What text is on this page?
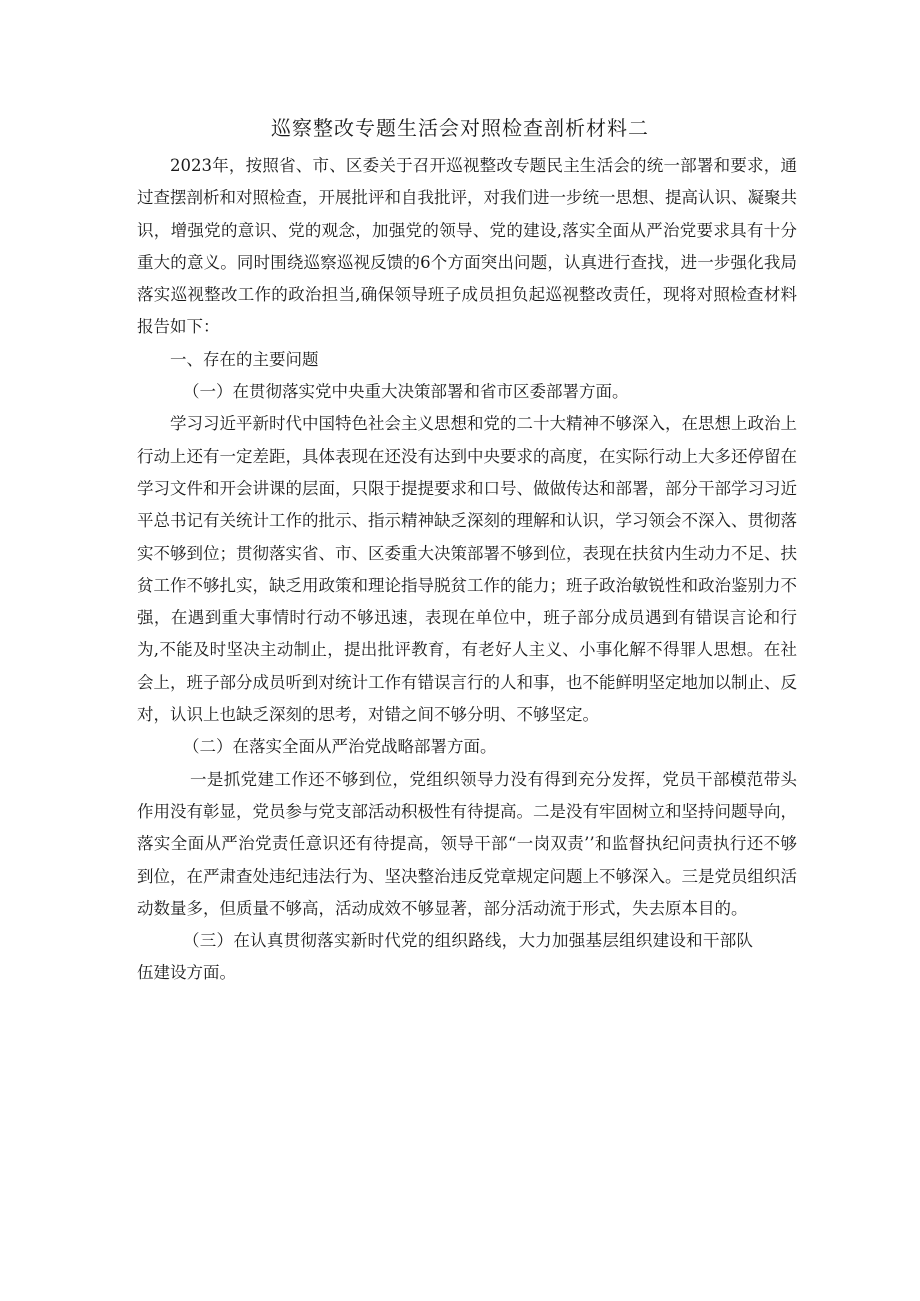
巡察整改专题生活会对照检查剖析材料二

2023年，按照省、市、区委关于召开巡视整改专题民主生活会的统一部署和要求，通过查摆剖析和对照检查，开展批评和自我批评，对我们进一步统一思想、提高认识、凝聚共识，增强党的意识、党的观念，加强党的领导、党的建设,落实全面从严治党要求具有十分重大的意义。同时围绕巡察巡视反馈的6个方面突出问题，认真进行查找，进一步强化我局落实巡视整改工作的政治担当,确保领导班子成员担负起巡视整改责任，现将对照检查材料报告如下：

一、存在的主要问题

（一）在贯彻落实党中央重大决策部署和省市区委部署方面。

学习习近平新时代中国特色社会主义思想和党的二十大精神不够深入，在思想上政治上行动上还有一定差距，具体表现在还没有达到中央要求的高度，在实际行动上大多还停留在学习文件和开会讲课的层面，只限于提提要求和口号、做做传达和部署，部分干部学习习近平总书记有关统计工作的批示、指示精神缺乏深刻的理解和认识，学习领会不深入、贯彻落实不够到位；贯彻落实省、市、区委重大决策部署不够到位，表现在扶贫内生动力不足、扶贫工作不够扎实，缺乏用政策和理论指导脱贫工作的能力；班子政治敏锐性和政治鉴别力不强，在遇到重大事情时行动不够迅速，表现在单位中，班子部分成员遇到有错误言论和行为,不能及时坚决主动制止，提出批评教育，有老好人主义、小事化解不得罪人思想。在社会上，班子部分成员听到对统计工作有错误言行的人和事，也不能鲜明坚定地加以制止、反对，认识上也缺乏深刻的思考，对错之间不够分明、不够坚定。

（二）在落实全面从严治党战略部署方面。

一是抓党建工作还不够到位，党组织领导力没有得到充分发挥，党员干部模范带头作用没有彰显，党员参与党支部活动积极性有待提高。二是没有牢固树立和坚持问题导向，落实全面从严治党责任意识还有待提高，领导干部“一岗双责’’和监督执纪问责执行还不够到位，在严肃查处违纪违法行为、坚决整治违反党章规定问题上不够深入。三是党员组织活动数量多，但质量不够高，活动成效不够显著，部分活动流于形式，失去原本目的。

（三）在认真贯彻落实新时代党的组织路线，大力加强基层组织建设和干部队伍建设方面。
